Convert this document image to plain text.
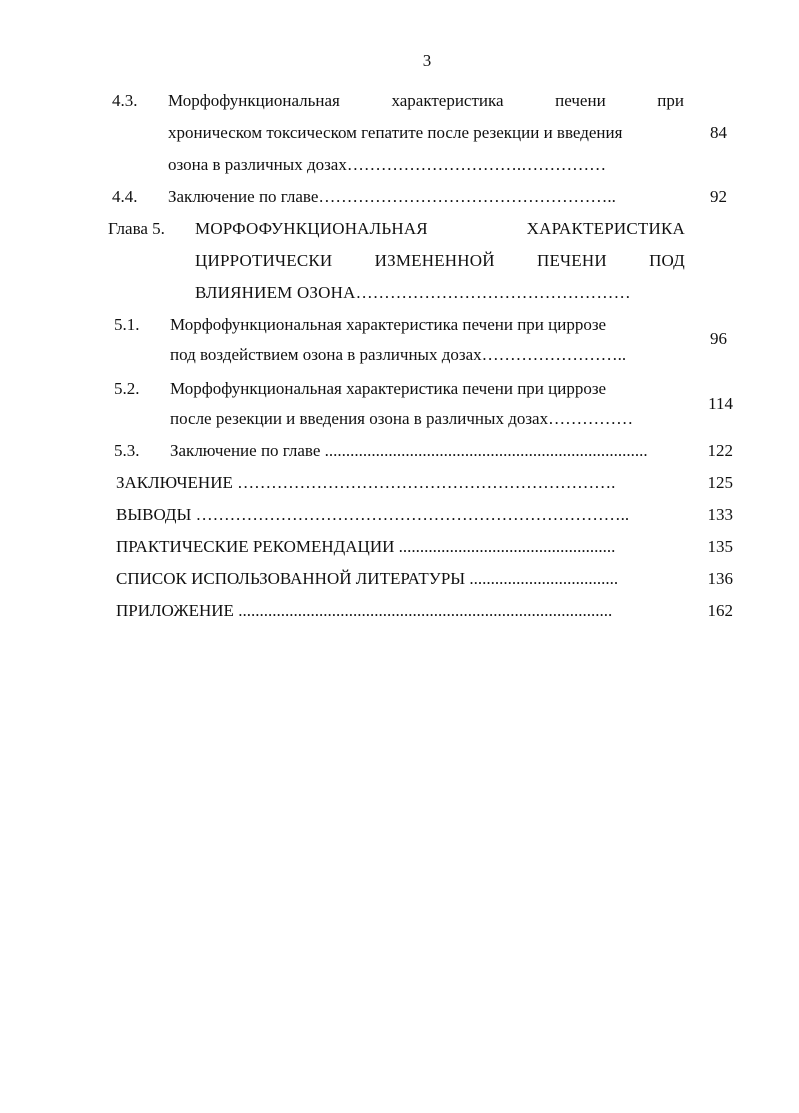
3
4.3. Морфофункциональная	характеристика	печени	при
хроническом токсическом гепатите после резекции и введения
озона в различных дозах………………………….……………
84
4.4. Заключение по главе……………………………………………..	92
Глава 5. МОРФОФУНКЦИОНАЛЬНАЯ	ХАРАКТЕРИСТИКА
ЦИРРОТИЧЕСКИ ИЗМЕНЕННОЙ ПЕЧЕНИ ПОД
ВЛИЯНИЕМ ОЗОНА…………………………………………
5.1. Морфофункциональная характеристика печени при циррозе
под воздействием озона в различных дозах……………………..
96
5.2. Морфофункциональная характеристика печени при циррозе
после резекции и введения озона в различных дозах……………
114
5.3. Заключение по главе ............................................................................	122
ЗАКЛЮЧЕНИЕ ………………………………………………………….	125
ВЫВОДЫ …………………………………………………………………..	133
ПРАКТИЧЕСКИЕ РЕКОМЕНДАЦИИ ...................................................	135
СПИСОК ИСПОЛЬЗОВАННОЙ ЛИТЕРАТУРЫ ...................................	136
ПРИЛОЖЕНИЕ ........................................................................................	162
